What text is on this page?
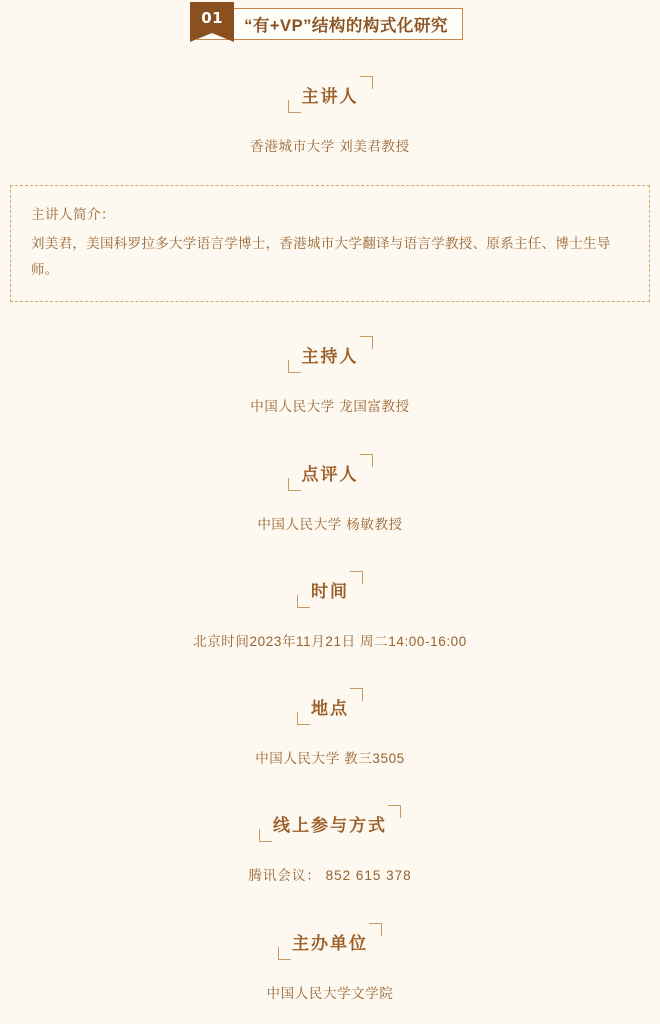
01	“有+VP”结构的构式化研究
主讲人
香港城市大学 刘美君教授
主讲人简介：
刘美君，美国科罗拉多大学语言学博士，香港城市大学翻译与语言学教授、原系主任、博士生导师。
主持人
中国人民大学 龙国富教授
点评人
中国人民大学 杨敏教授
时间
北京时间2023年11月21日 周二14:00-16:00
地点
中国人民大学 教三3505
线上参与方式
腾讯会议： 852 615 378
主办单位
中国人民大学文学院
